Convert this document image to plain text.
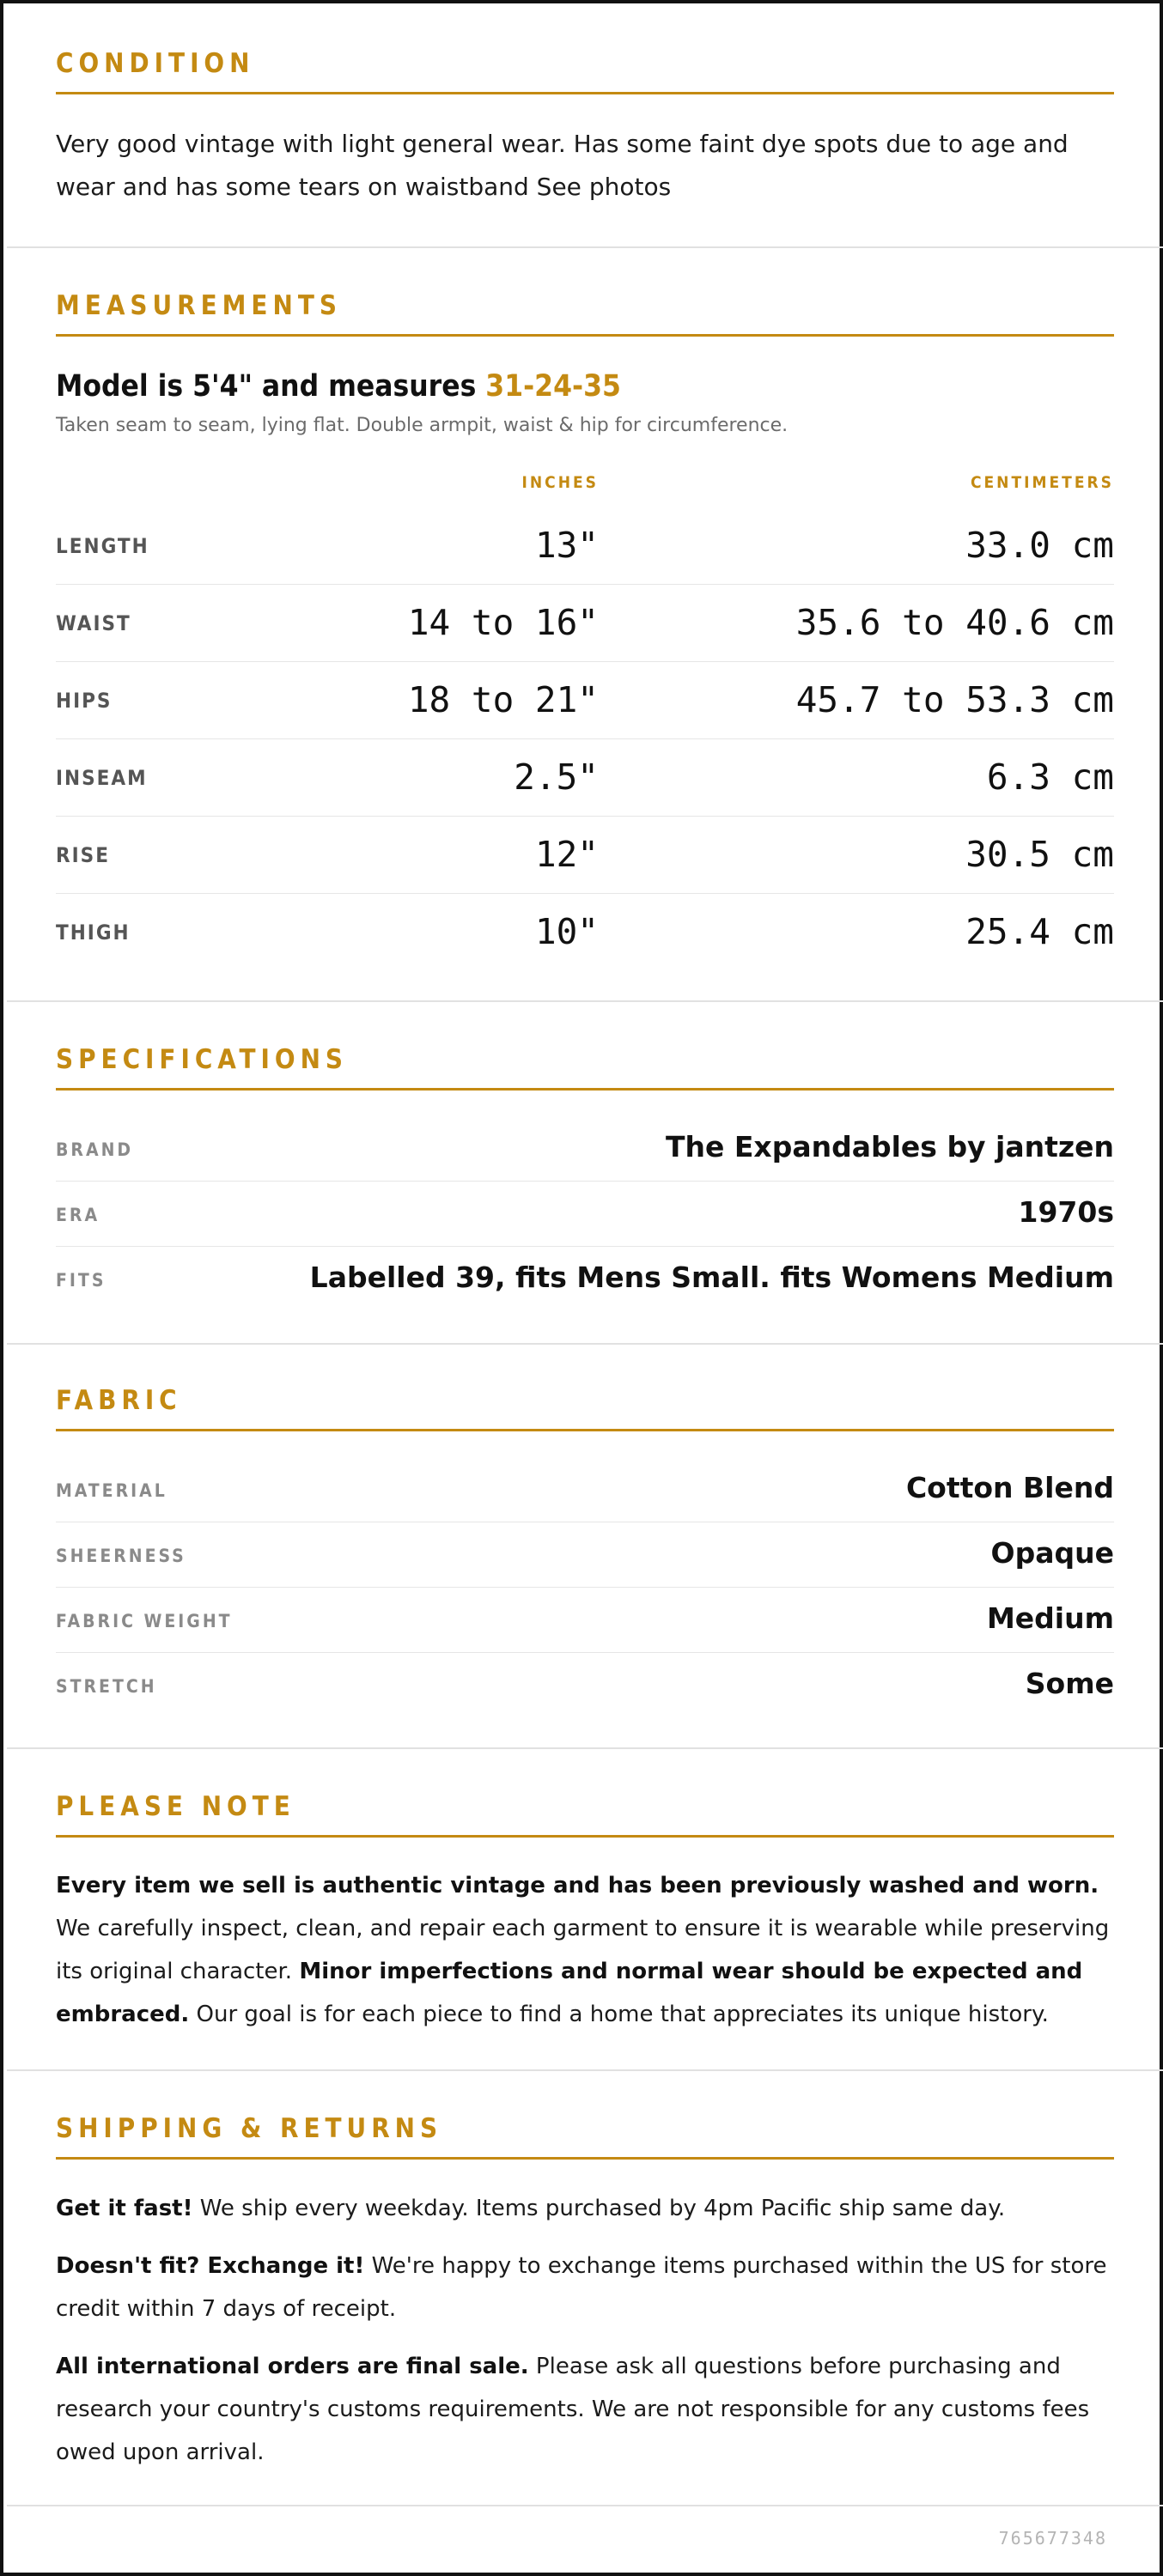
CONDITION
Very good vintage with light general wear. Has some faint dye spots due to age and wear and has some tears on waistband See photos
MEASUREMENTS
Model is 5'4" and measures 31-24-35
Taken seam to seam, lying flat. Double armpit, waist & hip for circumference.
INCHES	CENTIMETERS
LENGTH	13"	33.0 cm
WAIST	14 to 16"	35.6 to 40.6 cm
HIPS	18 to 21"	45.7 to 53.3 cm
INSEAM	2.5"	6.3 cm
RISE	12"	30.5 cm
THIGH	10"	25.4 cm
SPECIFICATIONS
BRAND	The Expandables by jantzen
ERA	1970s
FITS	Labelled 39, fits Mens Small. fits Womens Medium
FABRIC
MATERIAL	Cotton Blend
SHEERNESS	Opaque
FABRIC WEIGHT	Medium
STRETCH	Some
PLEASE NOTE
Every item we sell is authentic vintage and has been previously washed and worn. We carefully inspect, clean, and repair each garment to ensure it is wearable while preserving its original character. Minor imperfections and normal wear should be expected and embraced. Our goal is for each piece to find a home that appreciates its unique history.
SHIPPING & RETURNS
Get it fast! We ship every weekday. Items purchased by 4pm Pacific ship same day.
Doesn't fit? Exchange it! We're happy to exchange items purchased within the US for store credit within 7 days of receipt.
All international orders are final sale. Please ask all questions before purchasing and research your country's customs requirements. We are not responsible for any customs fees owed upon arrival.
765677348
